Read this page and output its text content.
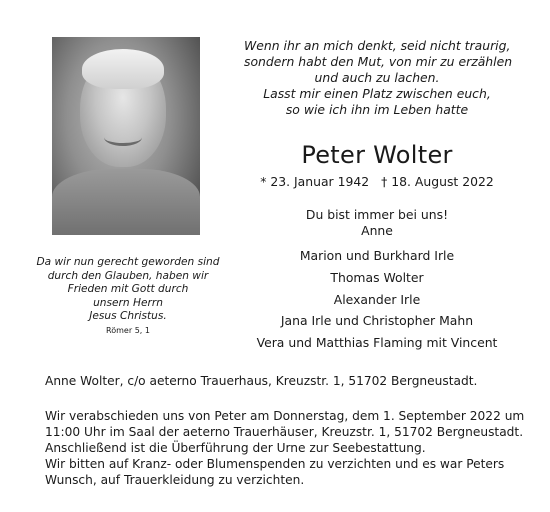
Wenn ihr an mich denkt, seid nicht traurig,
sondern habt den Mut, von mir zu erzählen
und auch zu lachen.
Lasst mir einen Platz zwischen euch,
so wie ich ihn im Leben hatte
Peter Wolter
* 23. Januar 1942 † 18. August 2022
Du bist immer bei uns!
Anne
Marion und Burkhard Irle
Thomas Wolter
Alexander Irle
Jana Irle und Christopher Mahn
Vera und Matthias Flaming mit Vincent
Da wir nun gerecht geworden sind
durch den Glauben, haben wir
Frieden mit Gott durch
unsern Herrn
Jesus Christus.
Römer 5, 1
Anne Wolter, c/o aeterno Trauerhaus, Kreuzstr. 1, 51702 Bergneustadt.
Wir verabschieden uns von Peter am Donnerstag, dem 1. September 2022 um
11:00 Uhr im Saal der aeterno Trauerhäuser, Kreuzstr. 1, 51702 Bergneustadt.
Anschließend ist die Überführung der Urne zur Seebestattung.
Wir bitten auf Kranz- oder Blumenspenden zu verzichten und es war Peters
Wunsch, auf Trauerkleidung zu verzichten.
